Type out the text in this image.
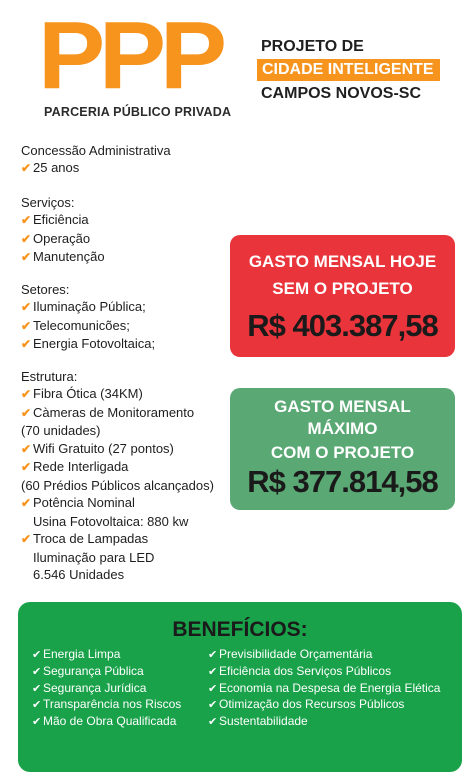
PPP
PARCERIA PÚBLICO PRIVADA
PROJETO DE
CIDADE INTELIGENTE
CAMPOS NOVOS-SC
Concessão Administrativa
✔ 25 anos
Serviços:
✔ Eficiência
✔ Operação
✔ Manutenção
Setores:
✔ Iluminação Pública;
✔ Telecomunicões;
✔ Energia Fotovoltaica;
Estrutura:
✔ Fibra Ótica (34KM)
✔ Càmeras de Monitoramento
(70 unidades)
✔ Wifi Gratuito (27 pontos)
✔ Rede Interligada
(60 Prédios Públicos alcançados)
✔ Potência Nominal
Usina Fotovoltaica: 880 kw
✔ Troca de Lampadas
Iluminação para LED
6.546 Unidades
GASTO MENSAL HOJE
SEM O PROJETO
R$ 403.387,58
GASTO MENSAL
MÁXIMO
COM O PROJETO
R$ 377.814,58
BENEFÍCIOS:
✔ Energia Limpa
✔ Segurança Pública
✔ Segurança Jurídica
✔ Transparência nos Riscos
✔ Mão de Obra Qualificada
✔ Previsibilidade Orçamentária
✔ Eficiência dos Serviços Públicos
✔ Economia na Despesa de Energia Elética
✔ Otimização dos Recursos Públicos
✔ Sustentabilidade
